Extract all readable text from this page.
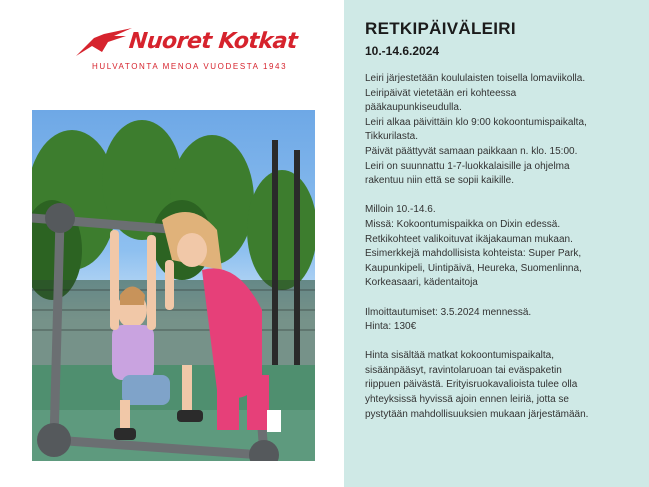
Nuoret Kotkat
HULVATONTA MENOA VUODESTA 1943
RETKIPÄIVÄLEIRI
10.-14.6.2024
Leiri järjestetään koululaisten toisella lomaviikolla.
Leiripäivät vietetään eri kohteessa
pääkaupunkiseudulla.
Leiri alkaa päivittäin klo 9:00 kokoontumispaikalta,
Tikkurilasta.
Päivät päättyvät samaan paikkaan n. klo. 15:00.
Leiri on suunnattu 1-7-luokkalaisille ja ohjelma
rakentuu niin että se sopii kaikille.
Milloin 10.-14.6.
Missä: Kokoontumispaikka on Dixin edessä.
Retkikohteet valikoituvat ikäjakauman mukaan.
Esimerkkejä mahdollisista kohteista: Super Park,
Kaupunkipeli, Uintipäivä, Heureka, Suomenlinna,
Korkeasaari, kädentaitoja
Ilmoittautumiset: 3.5.2024 mennessä.
Hinta: 130€
Hinta sisältää matkat kokoontumispaikalta,
sisäänpääsyt, ravintolaruoan tai eväspaketin
riippuen päivästä. Erityisruokavalioista tulee olla
yhteyksissä hyvissä ajoin ennen leiriä, jotta se
pystytään mahdollisuuksien mukaan järjestämään.
